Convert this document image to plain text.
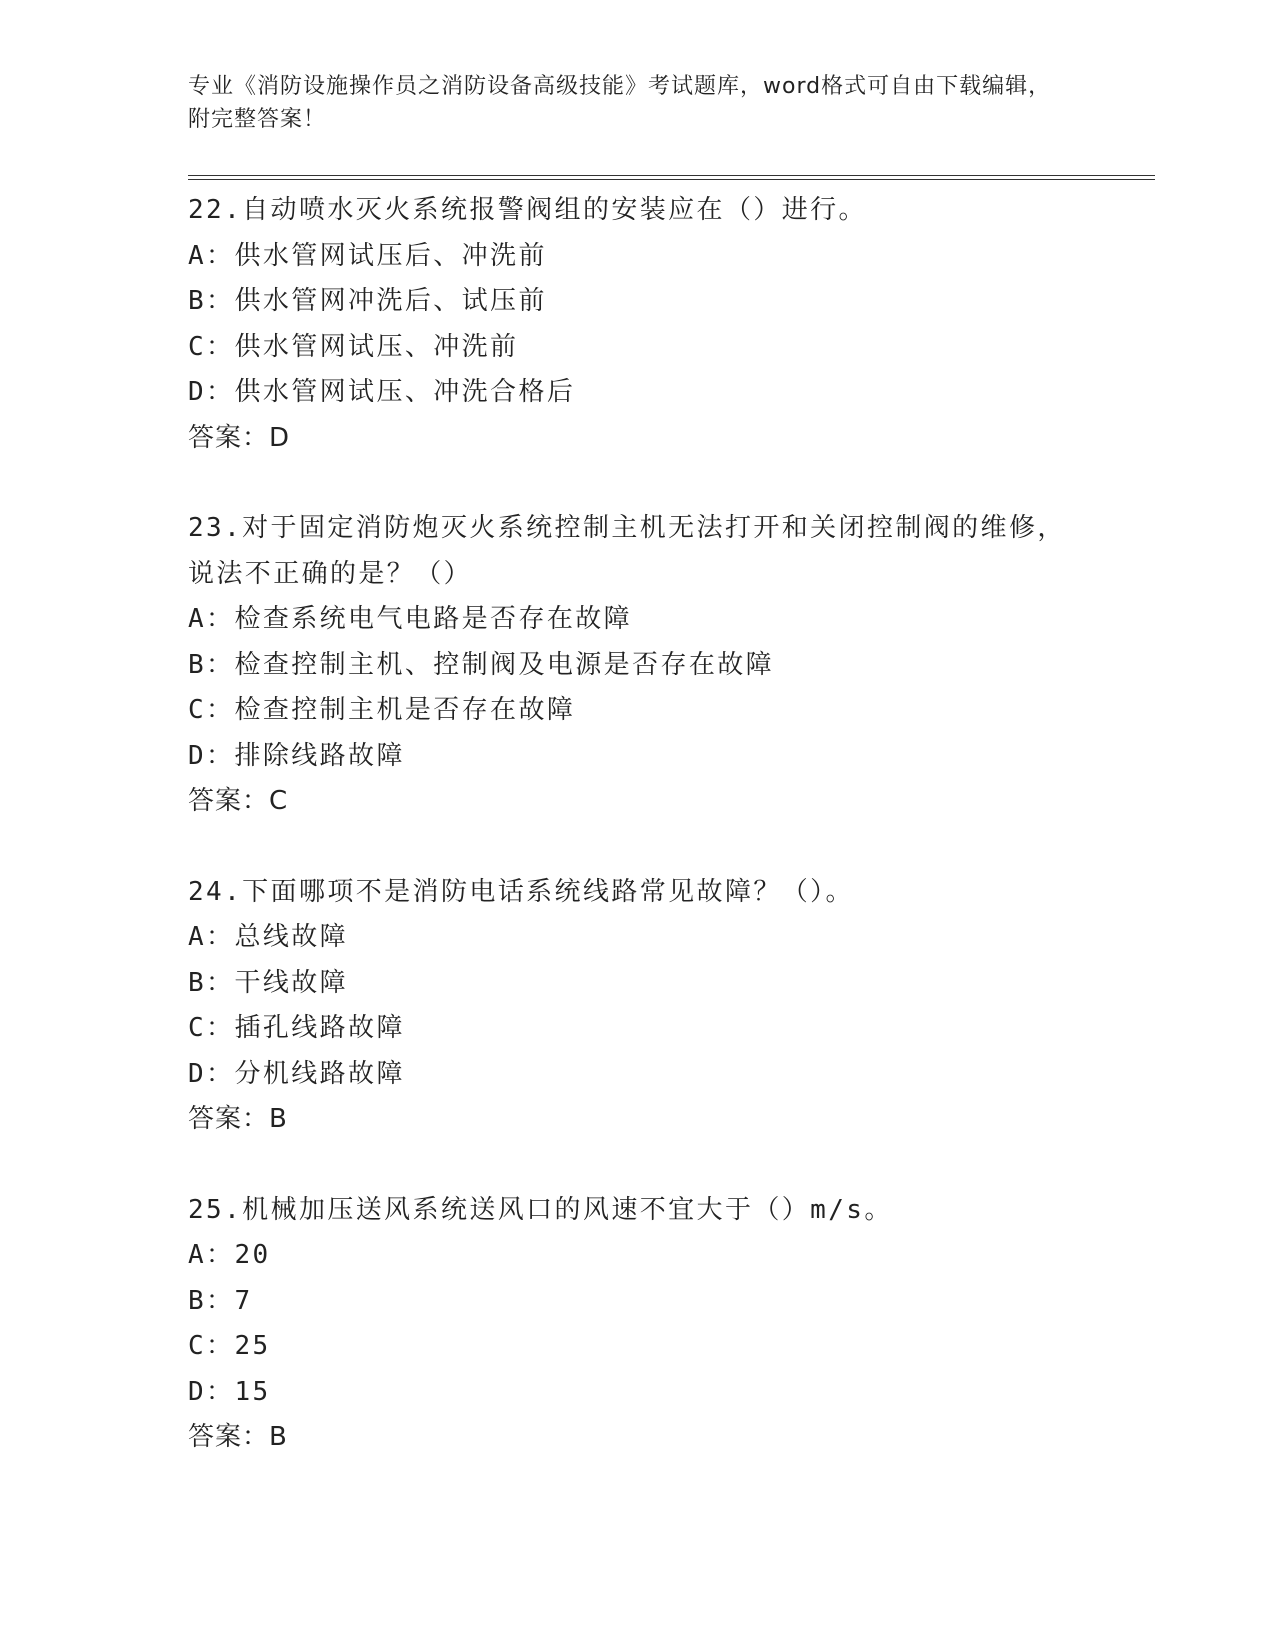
专业《消防设施操作员之消防设备高级技能》考试题库，word格式可自由下载编辑，附完整答案！
22.自动喷水灭火系统报警阀组的安装应在（）进行。
A：供水管网试压后、冲洗前
B：供水管网冲洗后、试压前
C：供水管网试压、冲洗前
D：供水管网试压、冲洗合格后
答案：D
23.对于固定消防炮灭火系统控制主机无法打开和关闭控制阀的维修，说法不正确的是？（）
A：检查系统电气电路是否存在故障
B：检查控制主机、控制阀及电源是否存在故障
C：检查控制主机是否存在故障
D：排除线路故障
答案：C
24.下面哪项不是消防电话系统线路常见故障？（）。
A：总线故障
B：干线故障
C：插孔线路故障
D：分机线路故障
答案：B
25.机械加压送风系统送风口的风速不宜大于（）m/s。
A：20
B：7
C：25
D：15
答案：B
